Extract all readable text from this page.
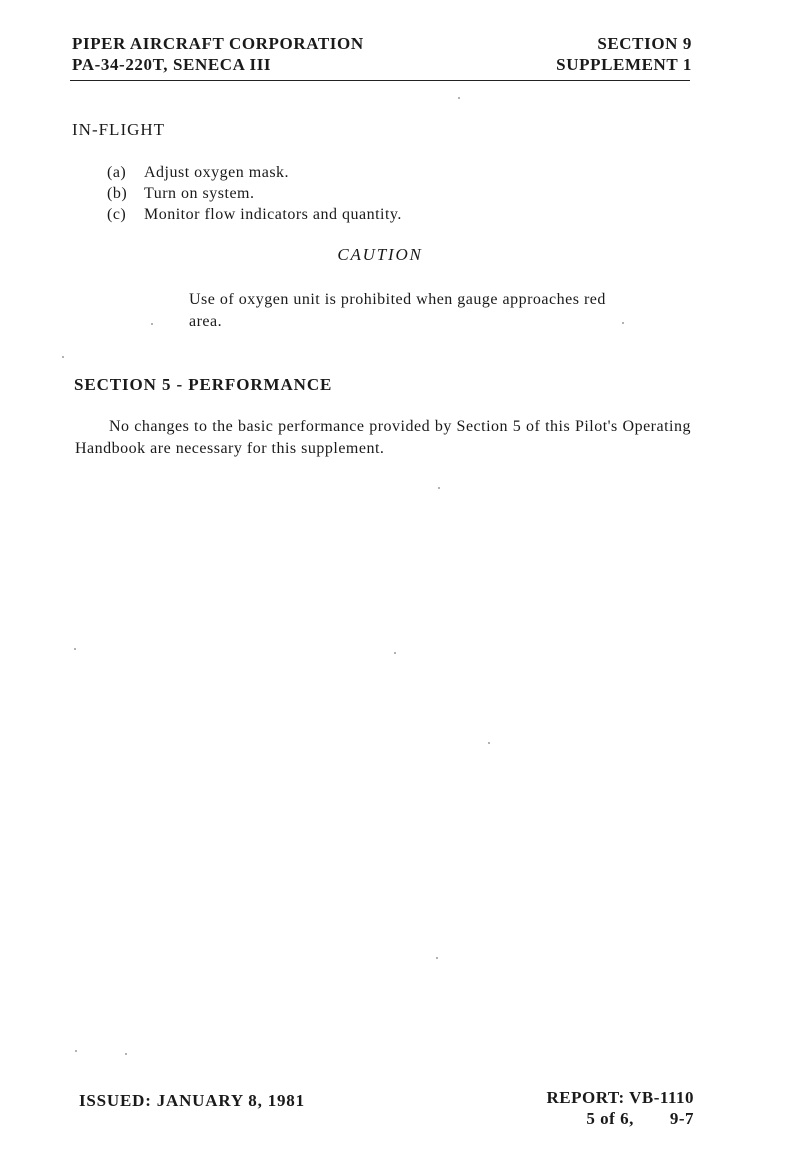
PIPER AIRCRAFT CORPORATION
PA-34-220T, SENECA III
SECTION 9
SUPPLEMENT 1
IN-FLIGHT
(a)	Adjust oxygen mask.
(b)	Turn on system.
(c)	Monitor flow indicators and quantity.
CAUTION
Use of oxygen unit is prohibited when gauge approaches red area.
SECTION 5 - PERFORMANCE
No changes to the basic performance provided by Section 5 of this Pilot's Operating Handbook are necessary for this supplement.
ISSUED: JANUARY 8, 1981	REPORT: VB-1110
5 of 6, 9-7
